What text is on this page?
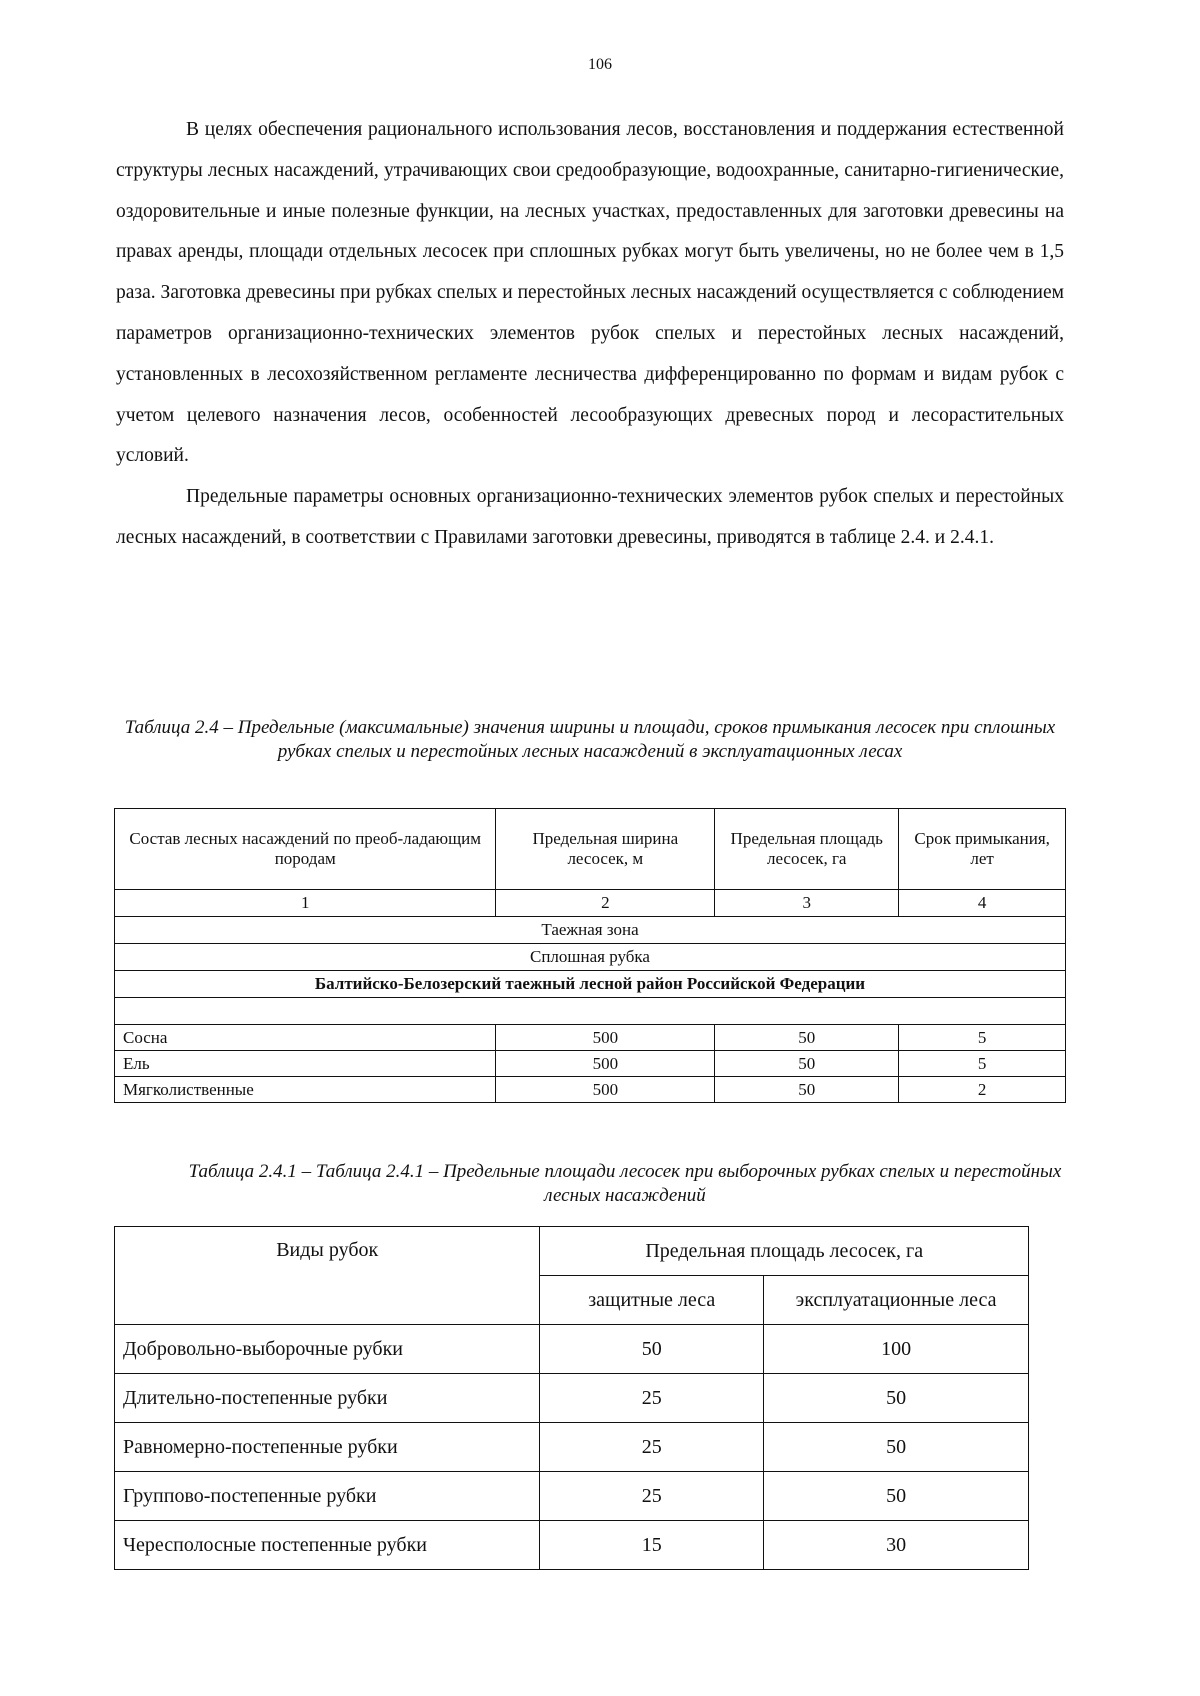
106

В целях обеспечения рационального использования лесов, восстановления и поддержания естественной структуры лесных насаждений, утрачивающих свои средообразующие, водоохранные, санитарно-гигиенические, оздоровительные и иные полезные функции, на лесных участках, предоставленных для заготовки древесины на правах аренды, площади отдельных лесосек при сплошных рубках могут быть увеличены, но не более чем в 1,5 раза. Заготовка древесины при рубках спелых и перестойных лесных насаждений осуществляется с соблюдением параметров организационно-технических элементов рубок спелых и перестойных лесных насаждений, установленных в лесохозяйственном регламенте лесничества дифференцированно по формам и видам рубок с учетом целевого назначения лесов, особенностей лесообразующих древесных пород и лесорастительных условий.

Предельные параметры основных организационно-технических элементов рубок спелых и перестойных лесных насаждений, в соответствии с Правилами заготовки древесины, приводятся в таблице 2.4. и 2.4.1.

Таблица 2.4 – Предельные (максимальные) значения ширины и площади, сроков примыкания лесосек при сплошных рубках спелых и перестойных лесных насаждений в эксплуатационных лесах

Состав лесных насаждений по преоб-ладающим породам	Предельная ширина лесосек, м	Предельная площадь лесосек, га	Срок примыкания, лет
1	2	3	4
Таежная зона			
Сплошная рубка			
Балтийско-Белозерский таежный лесной район Российской Федерации			

Сосна	500	50	5
Ель	500	50	5
Мягколиственные	500	50	2

Таблица 2.4.1 – Таблица 2.4.1 – Предельные площади лесосек при выборочных рубках спелых и перестойных лесных насаждений

Виды рубок	Предельная площадь лесосек, га	
	защитные леса	эксплуатационные леса
Добровольно-выборочные рубки	50	100
Длительно-постепенные рубки	25	50
Равномерно-постепенные рубки	25	50
Группово-постепенные рубки	25	50
Чересполосные постепенные рубки	15	30
